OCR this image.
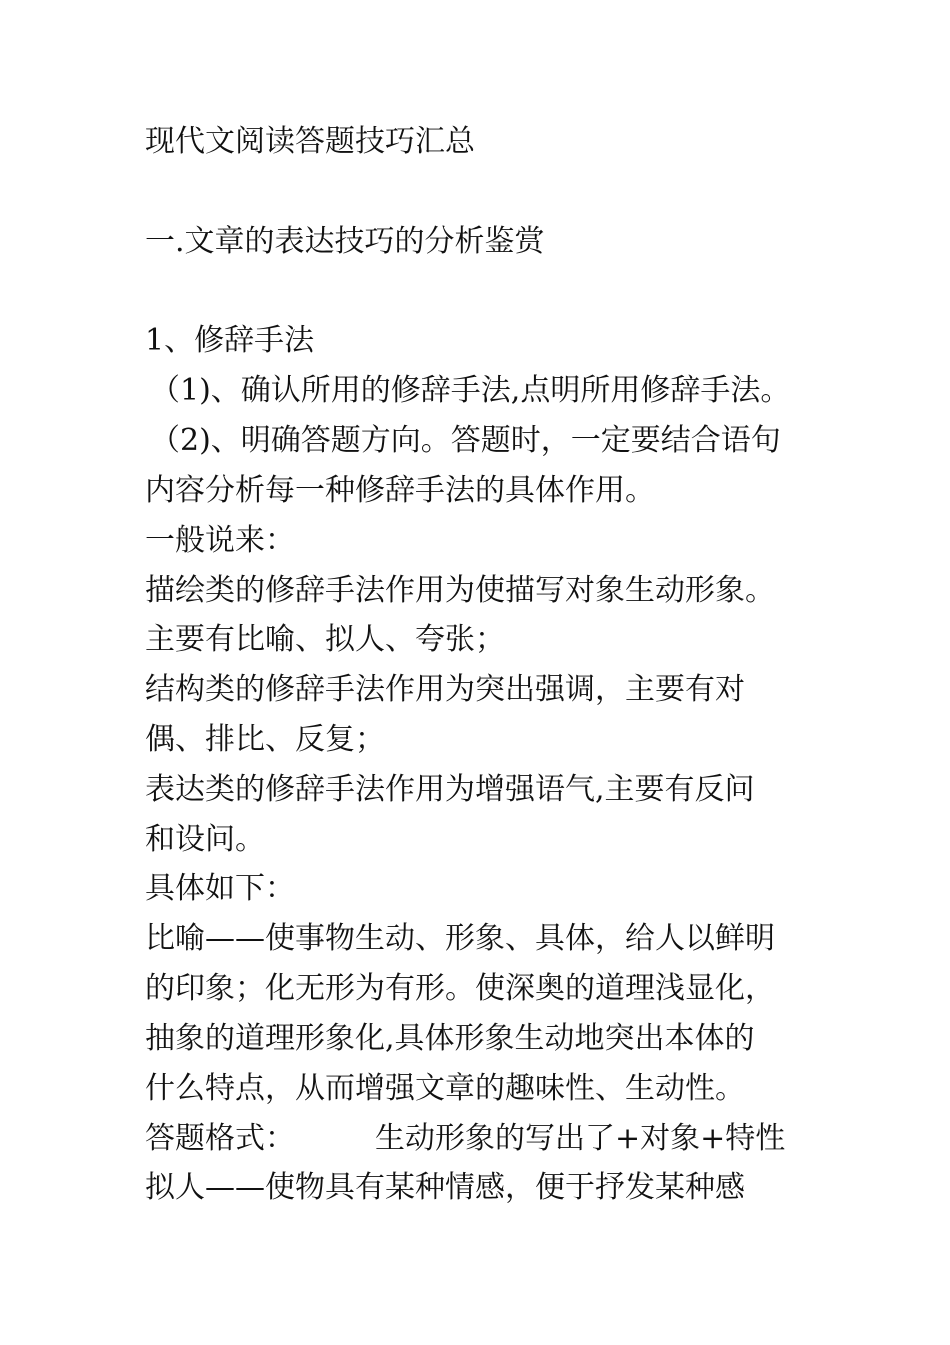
现代文阅读答题技巧汇总

一.文章的表达技巧的分析鉴赏

1、修辞手法

（1)、确认所用的修辞手法,点明所用修辞手法。

（2)、明确答题方向。答题时，一定要结合语句

内容分析每一种修辞手法的具体作用。

一般说来：

描绘类的修辞手法作用为使描写对象生动形象。

主要有比喻、拟人、夸张；

结构类的修辞手法作用为突出强调，主要有对

偶、排比、反复；

表达类的修辞手法作用为增强语气,主要有反问

和设问。

具体如下：

比喻——使事物生动、形象、具体，给人以鲜明

的印象；化无形为有形。使深奥的道理浅显化，

抽象的道理形象化,具体形象生动地突出本体的

什么特点，从而增强文章的趣味性、生动性。

答题格式：	生动形象的写出了+对象+特性

拟人——使物具有某种情感，便于抒发某种感
